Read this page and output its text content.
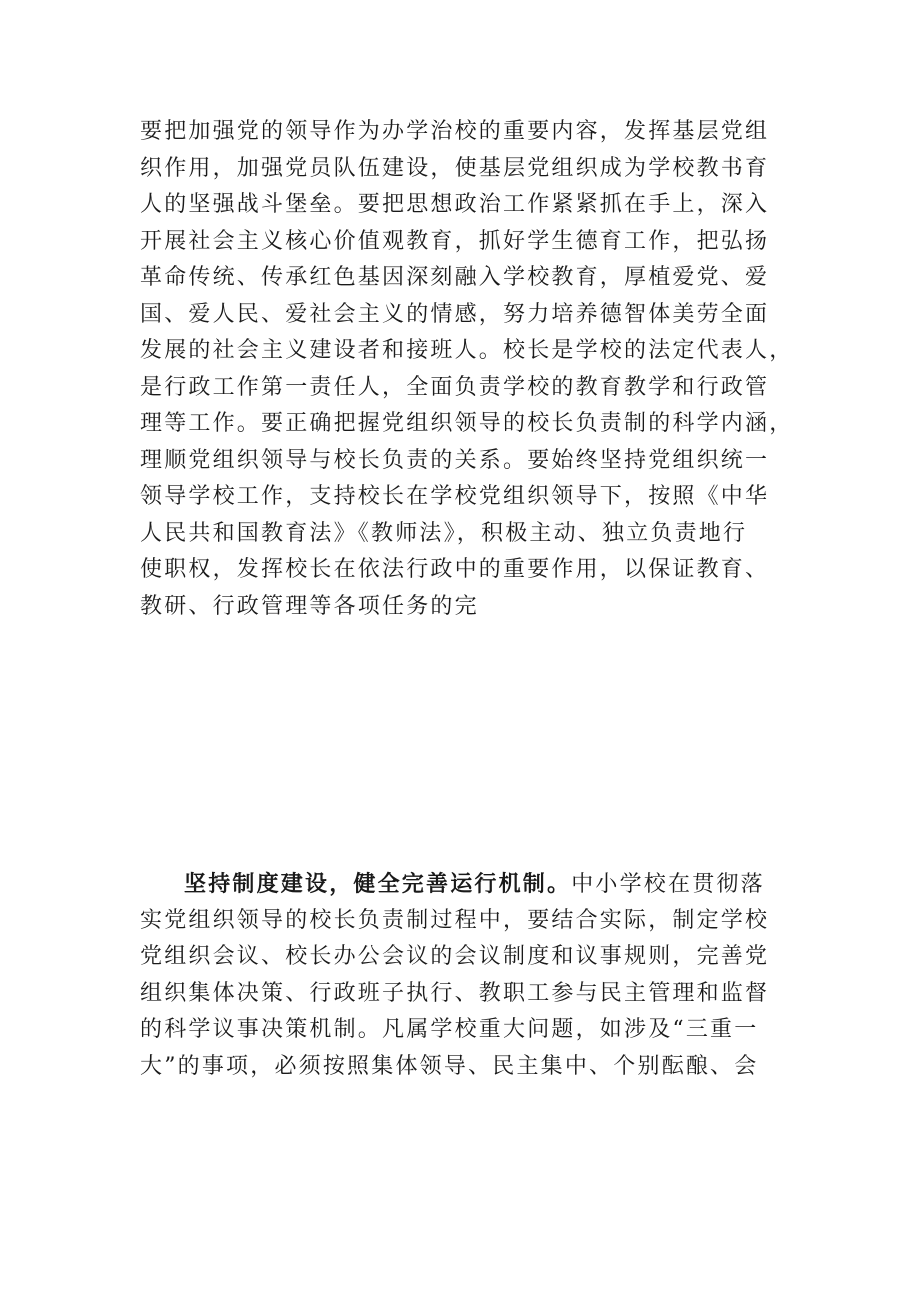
要把加强党的领导作为办学治校的重要内容，发挥基层党组
织作用，加强党员队伍建设，使基层党组织成为学校教书育
人的坚强战斗堡垒。要把思想政治工作紧紧抓在手上，深入
开展社会主义核心价值观教育，抓好学生德育工作，把弘扬
革命传统、传承红色基因深刻融入学校教育，厚植爱党、爱
国、爱人民、爱社会主义的情感，努力培养德智体美劳全面
发展的社会主义建设者和接班人。校长是学校的法定代表人，
是行政工作第一责任人，全面负责学校的教育教学和行政管
理等工作。要正确把握党组织领导的校长负责制的科学内涵，
理顺党组织领导与校长负责的关系。要始终坚持党组织统一
领导学校工作，支持校长在学校党组织领导下，按照《中华
人民共和国教育法》《教师法》，积极主动、独立负责地行
使职权，发挥校长在依法行政中的重要作用，以保证教育、
教研、行政管理等各项任务的完
坚持制度建设，健全完善运行机制。中小学校在贯彻落
实党组织领导的校长负责制过程中，要结合实际，制定学校
党组织会议、校长办公会议的会议制度和议事规则，完善党
组织集体决策、行政班子执行、教职工参与民主管理和监督
的科学议事决策机制。凡属学校重大问题，如涉及“三重一
大”的事项，必须按照集体领导、民主集中、个别酝酿、会
